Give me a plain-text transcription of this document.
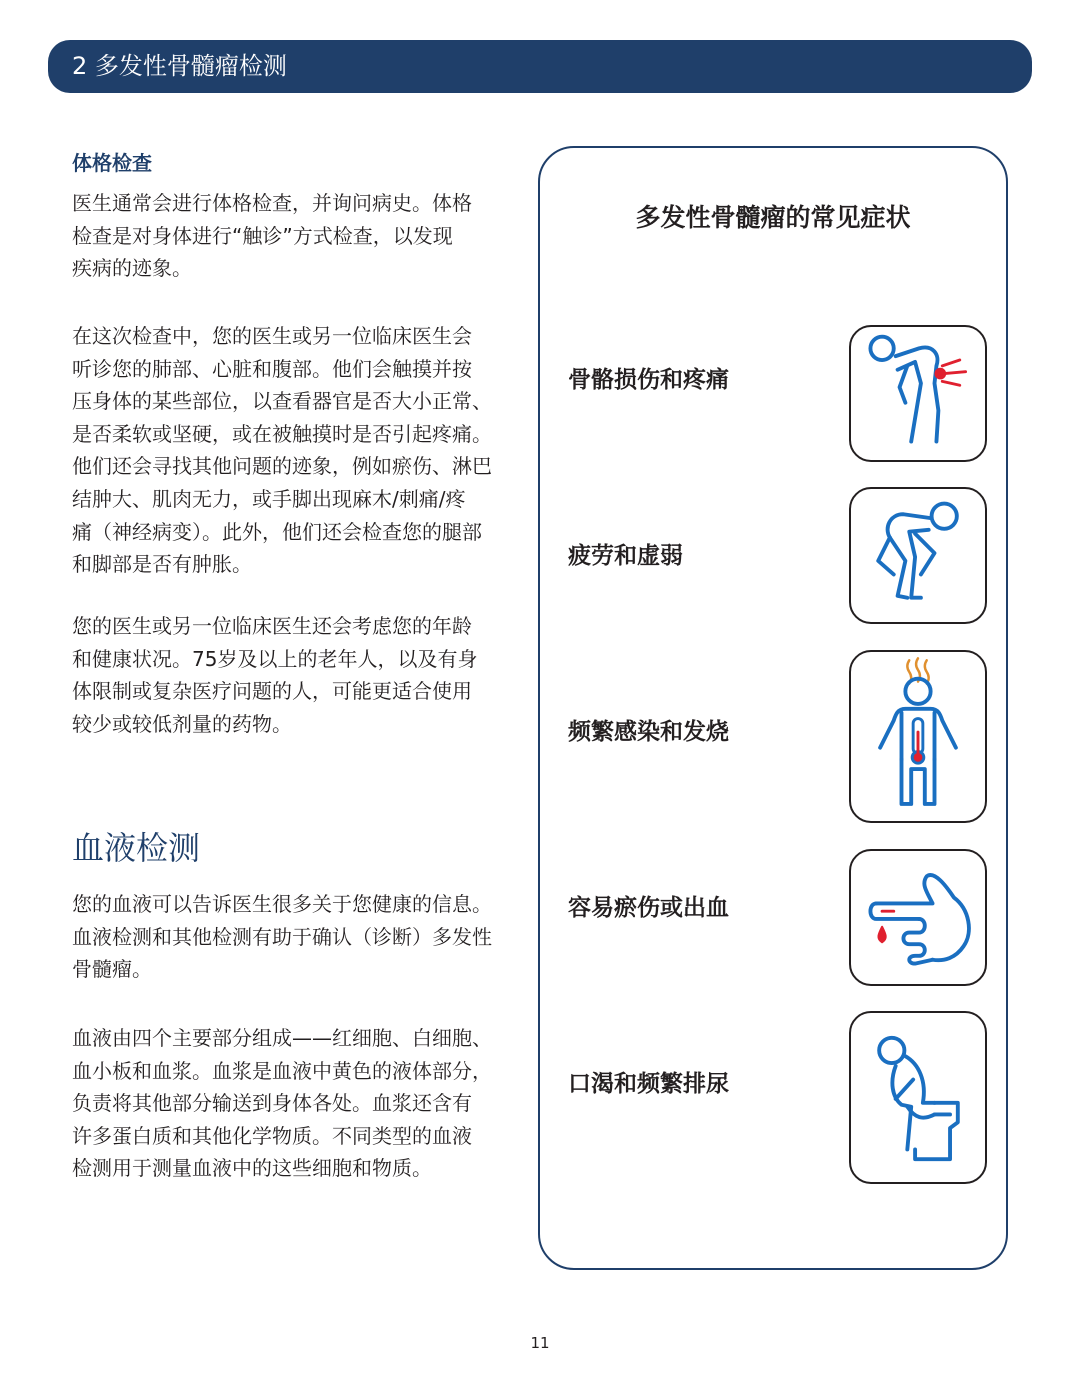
2 多发性骨髓瘤检测
体格检查
医生通常会进行体格检查，并询问病史。体格
检查是对身体进行“触诊”方式检查，以发现
疾病的迹象。
在这次检查中，您的医生或另一位临床医生会
听诊您的肺部、心脏和腹部。他们会触摸并按
压身体的某些部位，以查看器官是否大小正常、
是否柔软或坚硬，或在被触摸时是否引起疼痛。
他们还会寻找其他问题的迹象，例如瘀伤、淋巴
结肿大、肌肉无力，或手脚出现麻木/刺痛/疼
痛（神经病变）。此外，他们还会检查您的腿部
和脚部是否有肿胀。
您的医生或另一位临床医生还会考虑您的年龄
和健康状况。75岁及以上的老年人，以及有身
体限制或复杂医疗问题的人，可能更适合使用
较少或较低剂量的药物。
血液检测
您的血液可以告诉医生很多关于您健康的信息。
血液检测和其他检测有助于确认（诊断）多发性
骨髓瘤。
血液由四个主要部分组成——红细胞、白细胞、
血小板和血浆。血浆是血液中黄色的液体部分，
负责将其他部分输送到身体各处。血浆还含有
许多蛋白质和其他化学物质。不同类型的血液
检测用于测量血液中的这些细胞和物质。
多发性骨髓瘤的常见症状
骨骼损伤和疼痛
疲劳和虚弱
频繁感染和发烧
容易瘀伤或出血
口渴和频繁排尿
11
